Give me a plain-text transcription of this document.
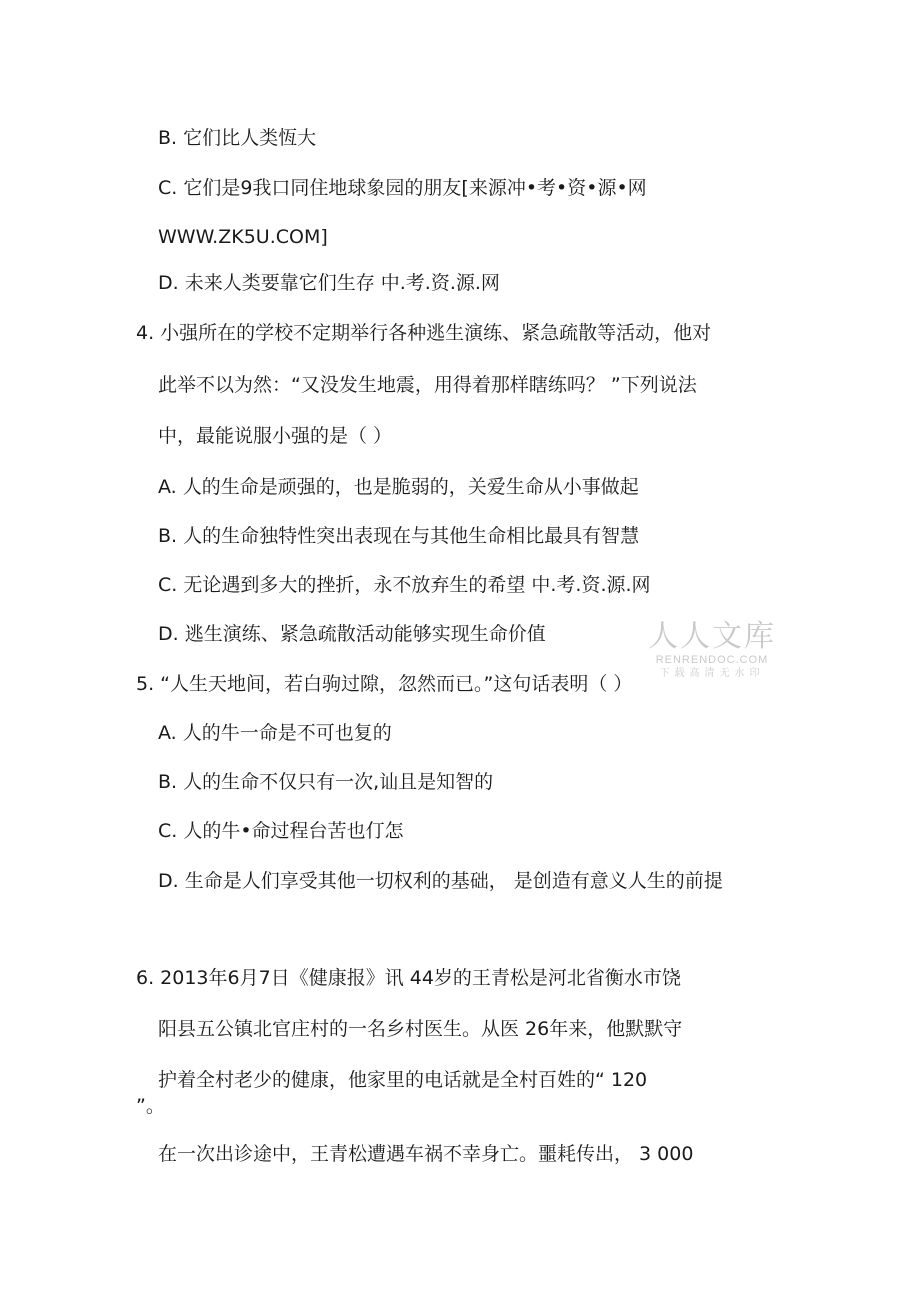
B. 它们比人类恆大
C. 它们是9我口同住地球象园的朋友[来源冲•考•资•源•网
WWW.ZK5U.COM]
D. 未来人类要靠它们生存 中.考.资.源.网
4. 小强所在的学校不定期举行各种逃生演练、紧急疏散等活动，他对
此举不以为然：“又没发生地震，用得着那样瞎练吗？ ”下列说法
中，最能说服小强的是（ ）
A. 人的生命是顽强的，也是脆弱的，关爱生命从小事做起
B. 人的生命独特性突出表现在与其他生命相比最具有智慧
C. 无论遇到多大的挫折，永不放弃生的希望 中.考.资.源.网
D. 逃生演练、紧急疏散活动能够实现生命价值
5. “人生天地间，若白驹过隙，忽然而已。”这句话表明（ ）
A. 人的牛一命是不可也复的
B. 人的生命不仅只有一次,讪且是知智的
C. 人的牛•命过程台苦也仃怎
D. 生命是人们享受其他一切权利的基础， 是创造有意义人生的前提
6. 2013年6月7日《健康报》讯 44岁的王青松是河北省衡水市饶
阳县五公镇北官庄村的一名乡村医生。从医 26年来，他默默守
护着全村老少的健康，他家里的电话就是全村百姓的“ 120
”。
在一次出诊途中，王青松遭遇车祸不幸身亡。噩耗传出， 3 000
人人文库
RENRENDOC.COM
下载高清无水印
